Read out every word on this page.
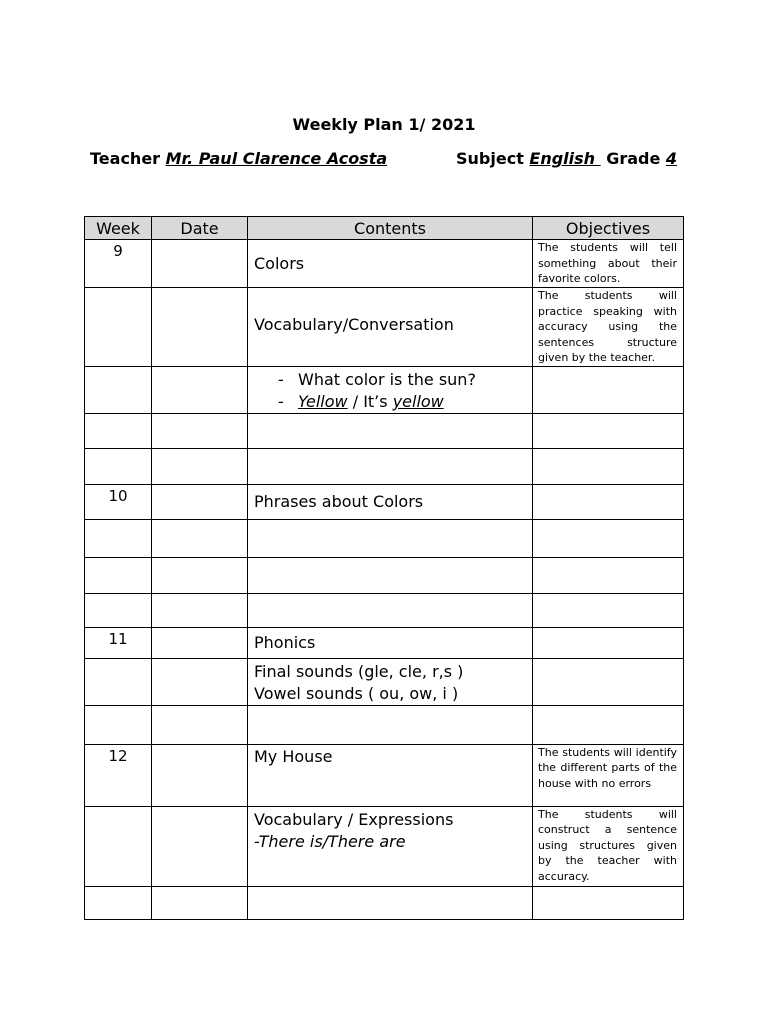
Weekly Plan 1/ 2021
Teacher Mr. Paul Clarence Acosta	Subject English  Grade 4
Week	Date	Contents	Objectives
9		Colors	The students will tell something about their favorite colors.
		Vocabulary/Conversation	The students will practice speaking with accuracy using the sentences structure given by the teacher.

		- What color is the sun?
- Yellow / It’s yellow	

10		Phrases about Colors	

11		Phonics	

		Final sounds (gle, cle, r,s )
Vowel sounds ( ou, ow, i )	

12		My House	The students will identify the different parts of the house with no errors

		Vocabulary / Expressions
-There is/There are	The students will construct a sentence using structures given by the teacher with accuracy.
